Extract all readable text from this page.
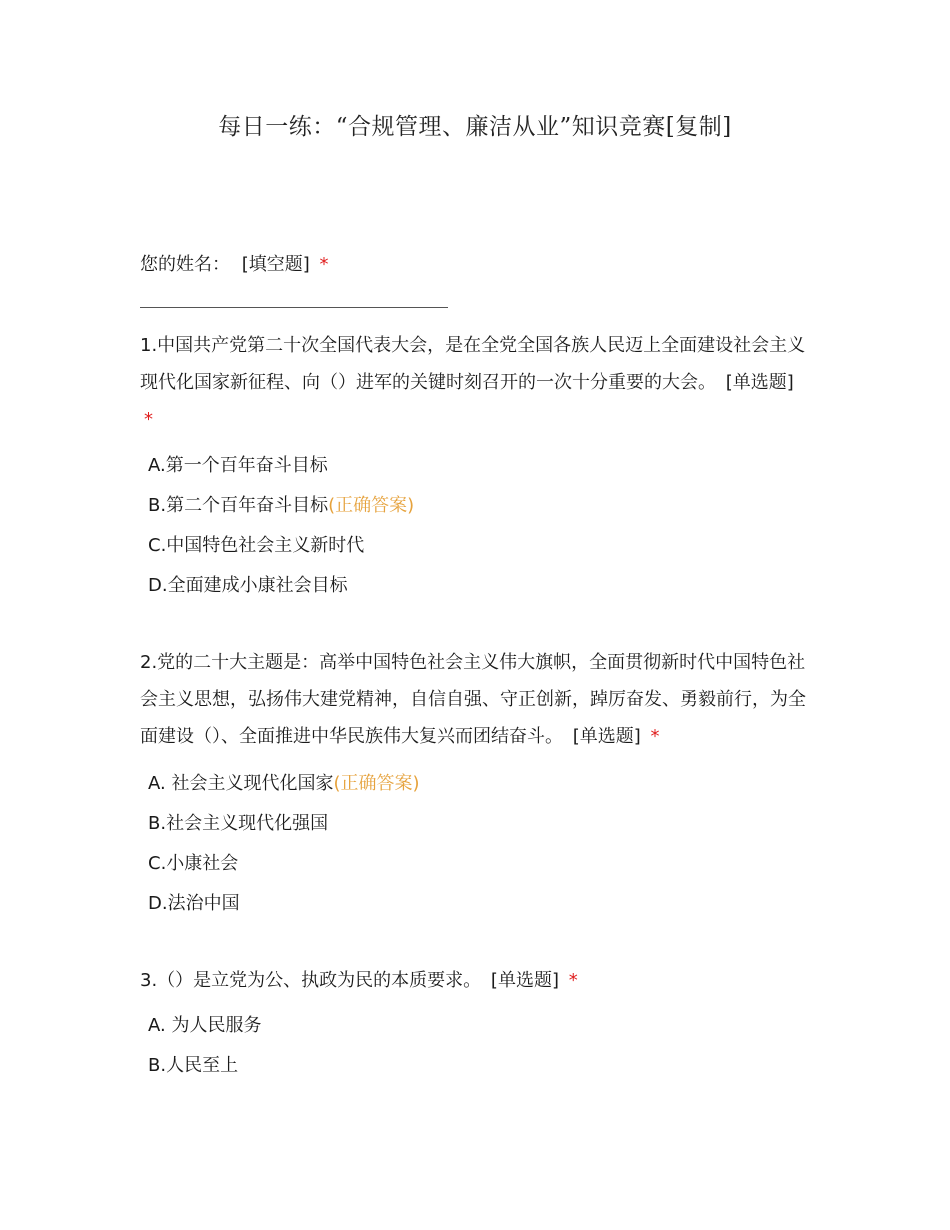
每日一练：“合规管理、廉洁从业”知识竞赛[复制]
您的姓名： [填空题] *
1.中国共产党第二十次全国代表大会，是在全党全国各族人民迈上全面建设社会主义现代化国家新征程、向（）进军的关键时刻召开的一次十分重要的大会。 [单选题] *
A.第一个百年奋斗目标
B.第二个百年奋斗目标(正确答案)
C.中国特色社会主义新时代
D.全面建成小康社会目标
2.党的二十大主题是：高举中国特色社会主义伟大旗帜，全面贯彻新时代中国特色社会主义思想，弘扬伟大建党精神，自信自强、守正创新，踔厉奋发、勇毅前行，为全面建设（）、全面推进中华民族伟大复兴而团结奋斗。 [单选题] *
A. 社会主义现代化国家(正确答案)
B.社会主义现代化强国
C.小康社会
D.法治中国
3.（）是立党为公、执政为民的本质要求。 [单选题] *
A. 为人民服务
B.人民至上
